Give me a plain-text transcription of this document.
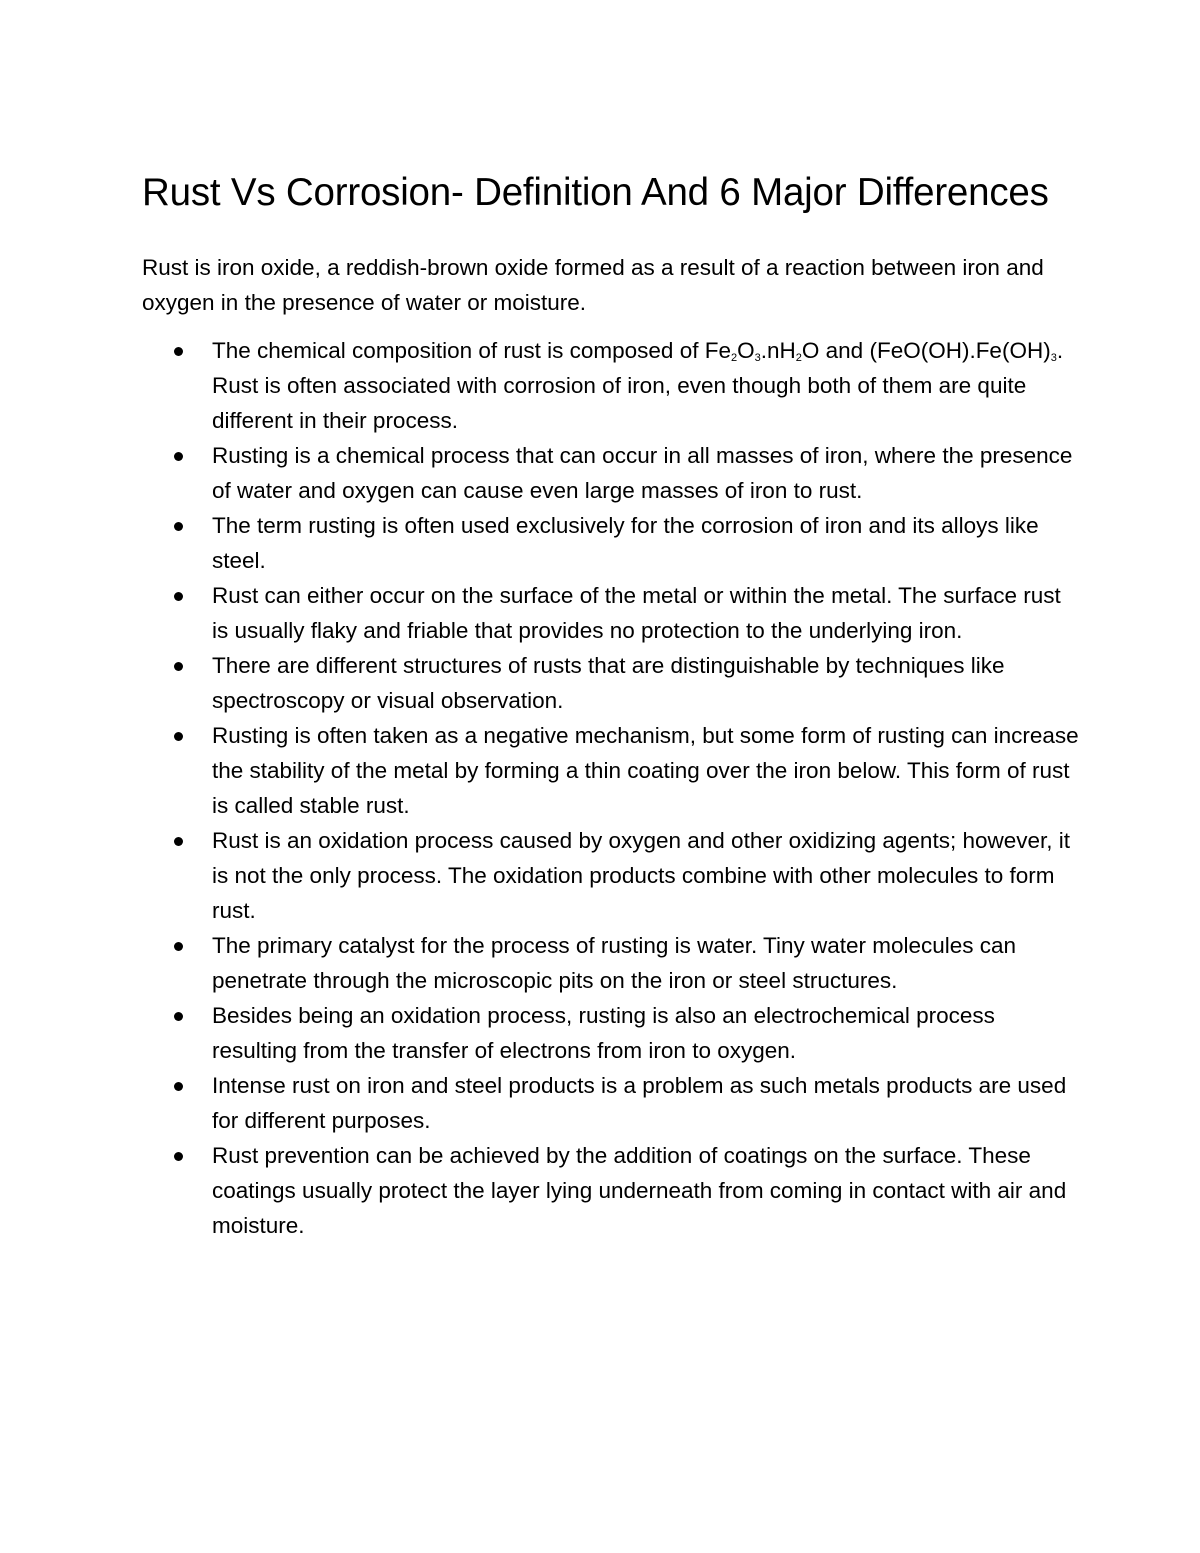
Rust Vs Corrosion- Definition And 6 Major Differences

Rust is iron oxide, a reddish-brown oxide formed as a result of a reaction between iron and oxygen in the presence of water or moisture.

The chemical composition of rust is composed of $Fe_2O_3.nH_2O$ and ($FeO(OH).Fe(OH)_3$. Rust is often associated with corrosion of iron, even though both of them are quite different in their process.
Rusting is a chemical process that can occur in all masses of iron, where the presence of water and oxygen can cause even large masses of iron to rust.
The term rusting is often used exclusively for the corrosion of iron and its alloys like steel.
Rust can either occur on the surface of the metal or within the metal. The surface rust is usually flaky and friable that provides no protection to the underlying iron.
There are different structures of rusts that are distinguishable by techniques like spectroscopy or visual observation.
Rusting is often taken as a negative mechanism, but some form of rusting can increase the stability of the metal by forming a thin coating over the iron below. This form of rust is called stable rust.
Rust is an oxidation process caused by oxygen and other oxidizing agents; however, it is not the only process. The oxidation products combine with other molecules to form rust.
The primary catalyst for the process of rusting is water. Tiny water molecules can penetrate through the microscopic pits on the iron or steel structures.
Besides being an oxidation process, rusting is also an electrochemical process resulting from the transfer of electrons from iron to oxygen.
Intense rust on iron and steel products is a problem as such metals products are used for different purposes.
Rust prevention can be achieved by the addition of coatings on the surface. These coatings usually protect the layer lying underneath from coming in contact with air and moisture.
